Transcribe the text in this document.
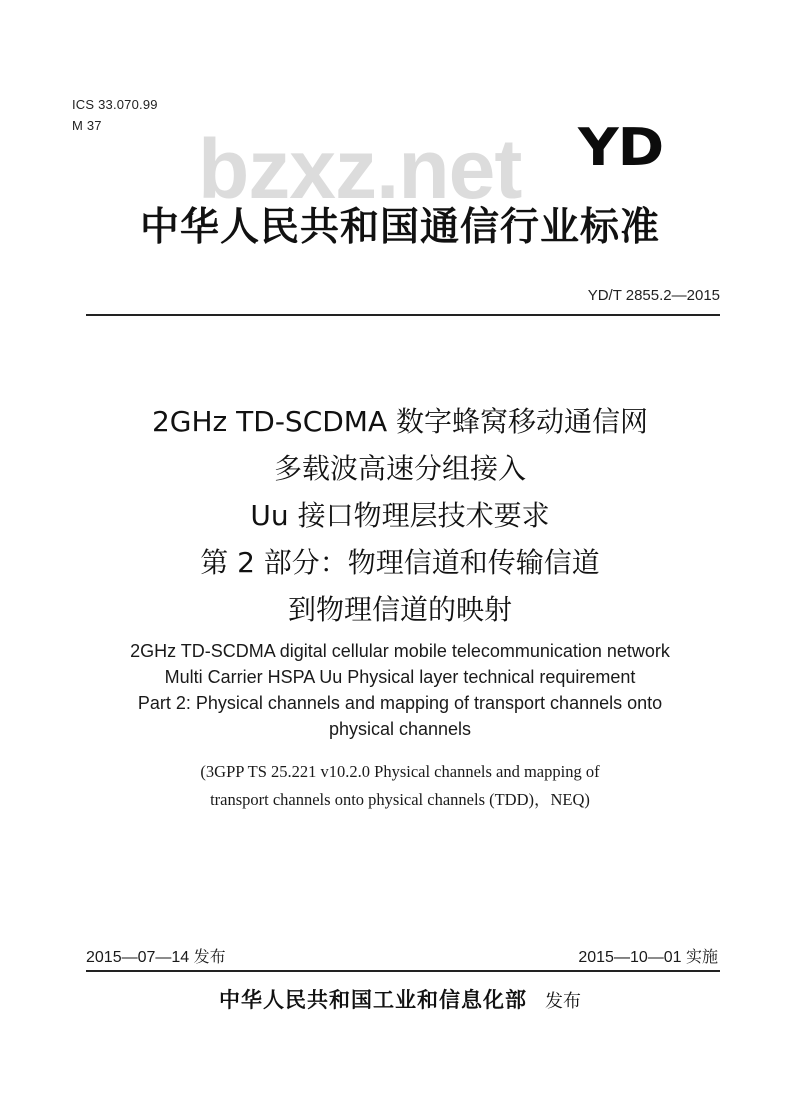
ICS 33.070.99
M 37 bzxz.net YD
中华人民共和国通信行业标准
YD/T 2855.2—2015
2GHz TD-SCDMA 数字蜂窝移动通信网
多载波高速分组接入
Uu 接口物理层技术要求
第 2 部分：物理信道和传输信道
到物理信道的映射
2GHz TD-SCDMA digital cellular mobile telecommunication network
Multi Carrier HSPA Uu Physical layer technical requirement
Part 2: Physical channels and mapping of transport channels onto
physical channels
(3GPP TS 25.221 v10.2.0 Physical channels and mapping of
transport channels onto physical channels (TDD)，NEQ)
2015—07—14 发布	2015—10—01 实施
中华人民共和国工业和信息化部 发布
